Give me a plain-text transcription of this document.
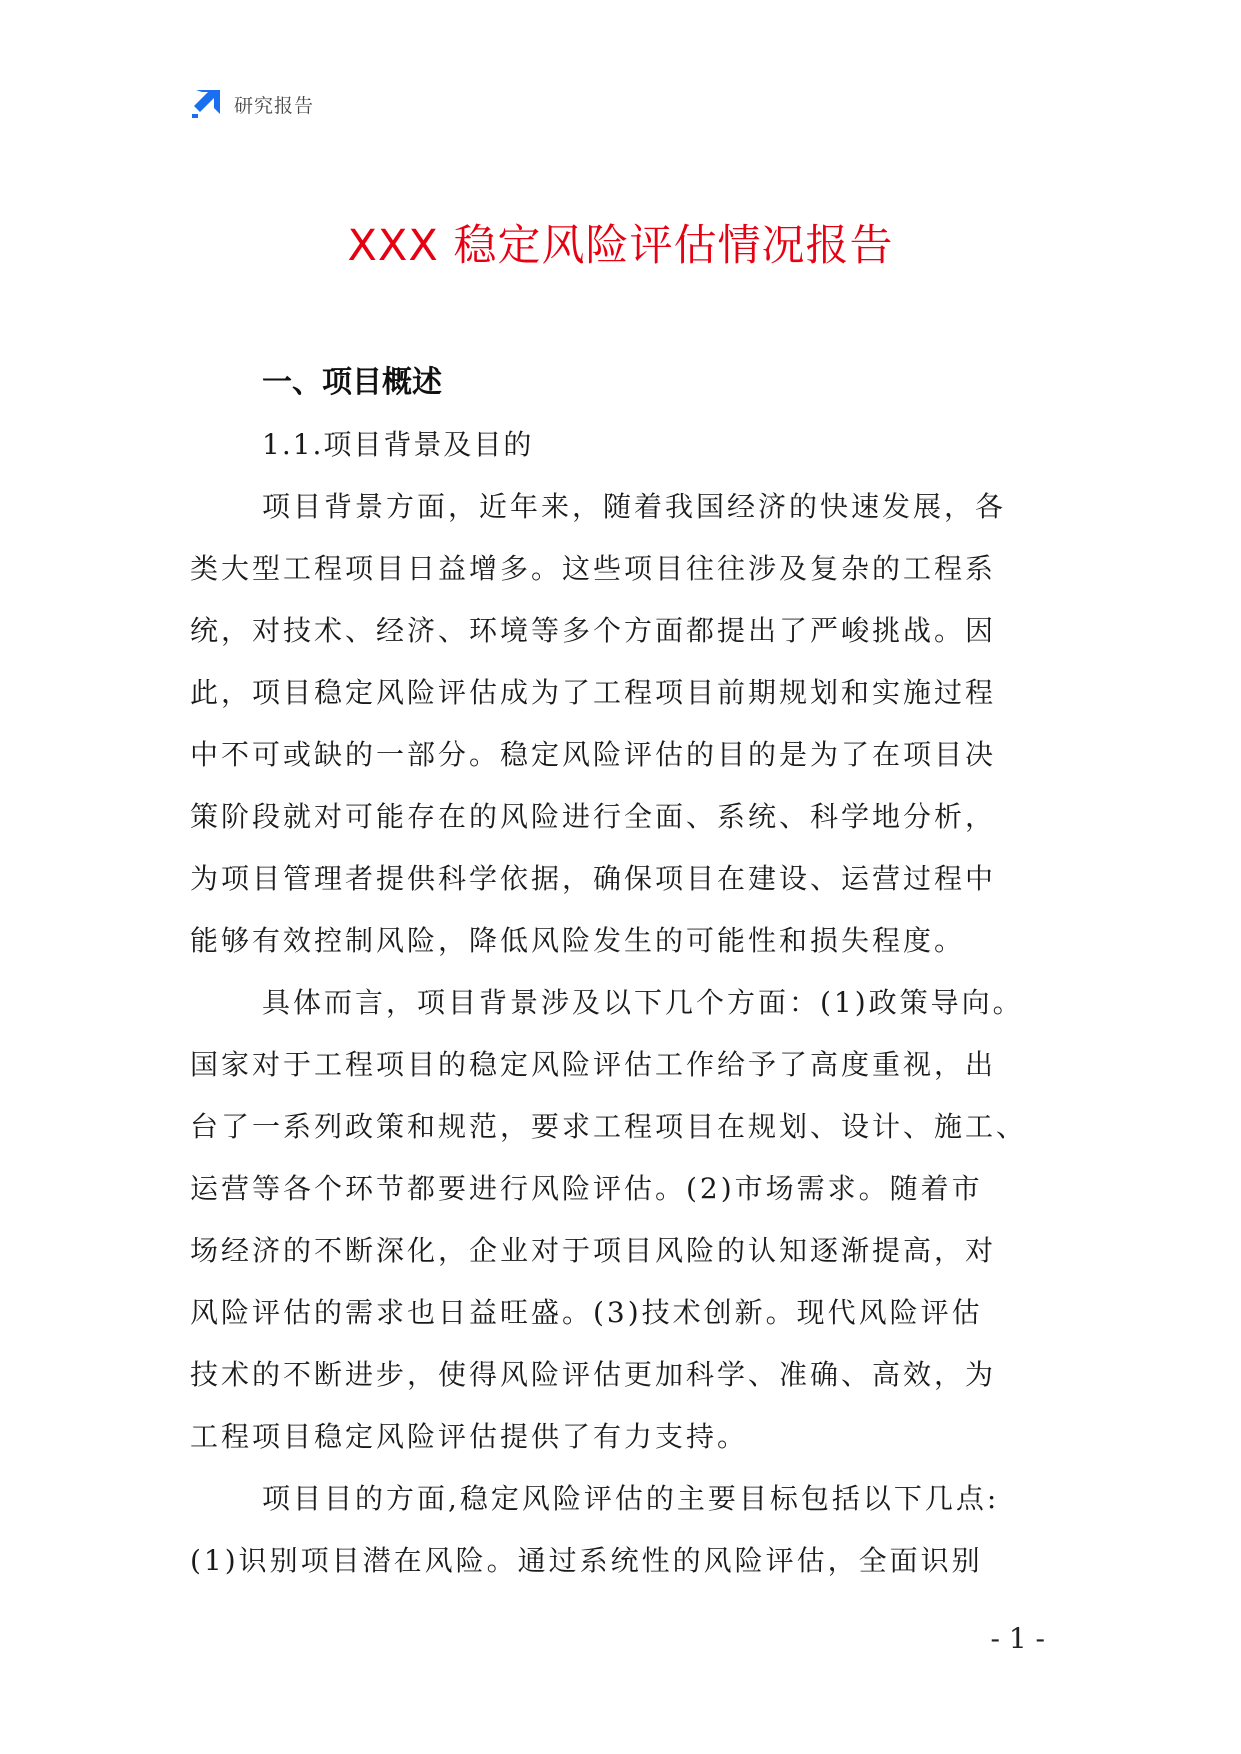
研究报告
XXX 稳定风险评估情况报告
一、项目概述
1.1.项目背景及目的
项目背景方面，近年来，随着我国经济的快速发展，各
类大型工程项目日益增多。这些项目往往涉及复杂的工程系
统，对技术、经济、环境等多个方面都提出了严峻挑战。因
此，项目稳定风险评估成为了工程项目前期规划和实施过程
中不可或缺的一部分。稳定风险评估的目的是为了在项目决
策阶段就对可能存在的风险进行全面、系统、科学地分析，
为项目管理者提供科学依据，确保项目在建设、运营过程中
能够有效控制风险，降低风险发生的可能性和损失程度。
具体而言，项目背景涉及以下几个方面：(1)政策导向。
国家对于工程项目的稳定风险评估工作给予了高度重视，出
台了一系列政策和规范，要求工程项目在规划、设计、施工、
运营等各个环节都要进行风险评估。(2)市场需求。随着市
场经济的不断深化，企业对于项目风险的认知逐渐提高，对
风险评估的需求也日益旺盛。(3)技术创新。现代风险评估
技术的不断进步，使得风险评估更加科学、准确、高效，为
工程项目稳定风险评估提供了有力支持。
项目目的方面,稳定风险评估的主要目标包括以下几点:
(1)识别项目潜在风险。通过系统性的风险评估，全面识别
- 1 -
